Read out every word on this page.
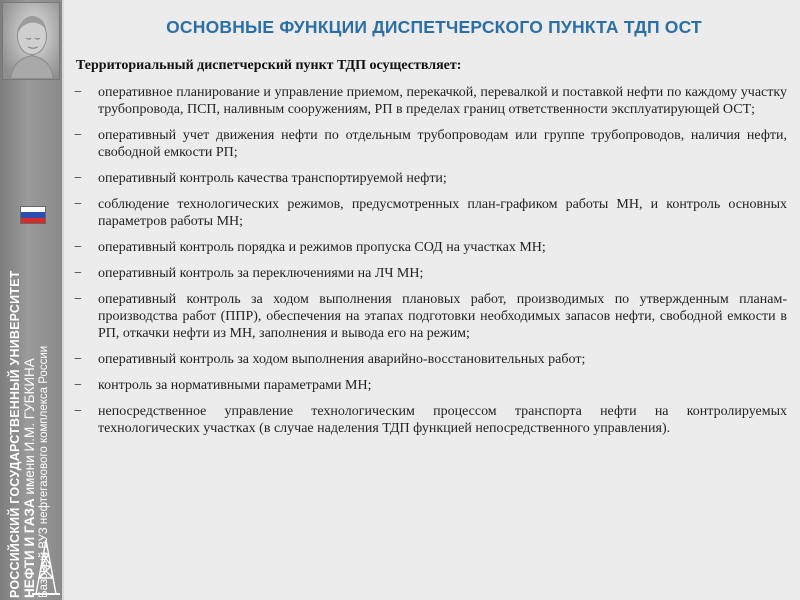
РОССИЙСКИЙ ГОСУДАРСТВЕННЫЙ УНИВЕРСИТЕТ НЕФТИ И ГАЗА имени И.М. ГУБКИНА Базовый ВУЗ нефтегазового комплекса России
ОСНОВНЫЕ ФУНКЦИИ ДИСПЕТЧЕРСКОГО ПУНКТА ТДП ОСТ
Территориальный диспетчерский пункт ТДП осуществляет:
− оперативное планирование и управление приемом, перекачкой, перевалкой и поставкой нефти по каждому участку трубопровода, ПСП, наливным сооружениям, РП в пределах границ ответственности эксплуатирующей ОСТ;
− оперативный учет движения нефти по отдельным трубопроводам или группе трубопроводов, наличия нефти, свободной емкости РП;
− оперативный контроль качества транспортируемой нефти;
− соблюдение технологических режимов, предусмотренных план-графиком работы МН, и контроль основных параметров работы МН;
− оперативный контроль порядка и режимов пропуска СОД на участках МН;
− оперативный контроль за переключениями на ЛЧ МН;
− оперативный контроль за ходом выполнения плановых работ, производимых по утвержденным планам-производства работ (ППР), обеспечения на этапах подготовки необходимых запасов нефти, свободной емкости в РП, откачки нефти из МН, заполнения и вывода его на режим;
− оперативный контроль за ходом выполнения аварийно-восстановительных работ;
− контроль за нормативными параметрами МН;
− непосредственное управление технологическим процессом транспорта нефти на контролируемых технологических участках (в случае наделения ТДП функцией непосредственного управления).
